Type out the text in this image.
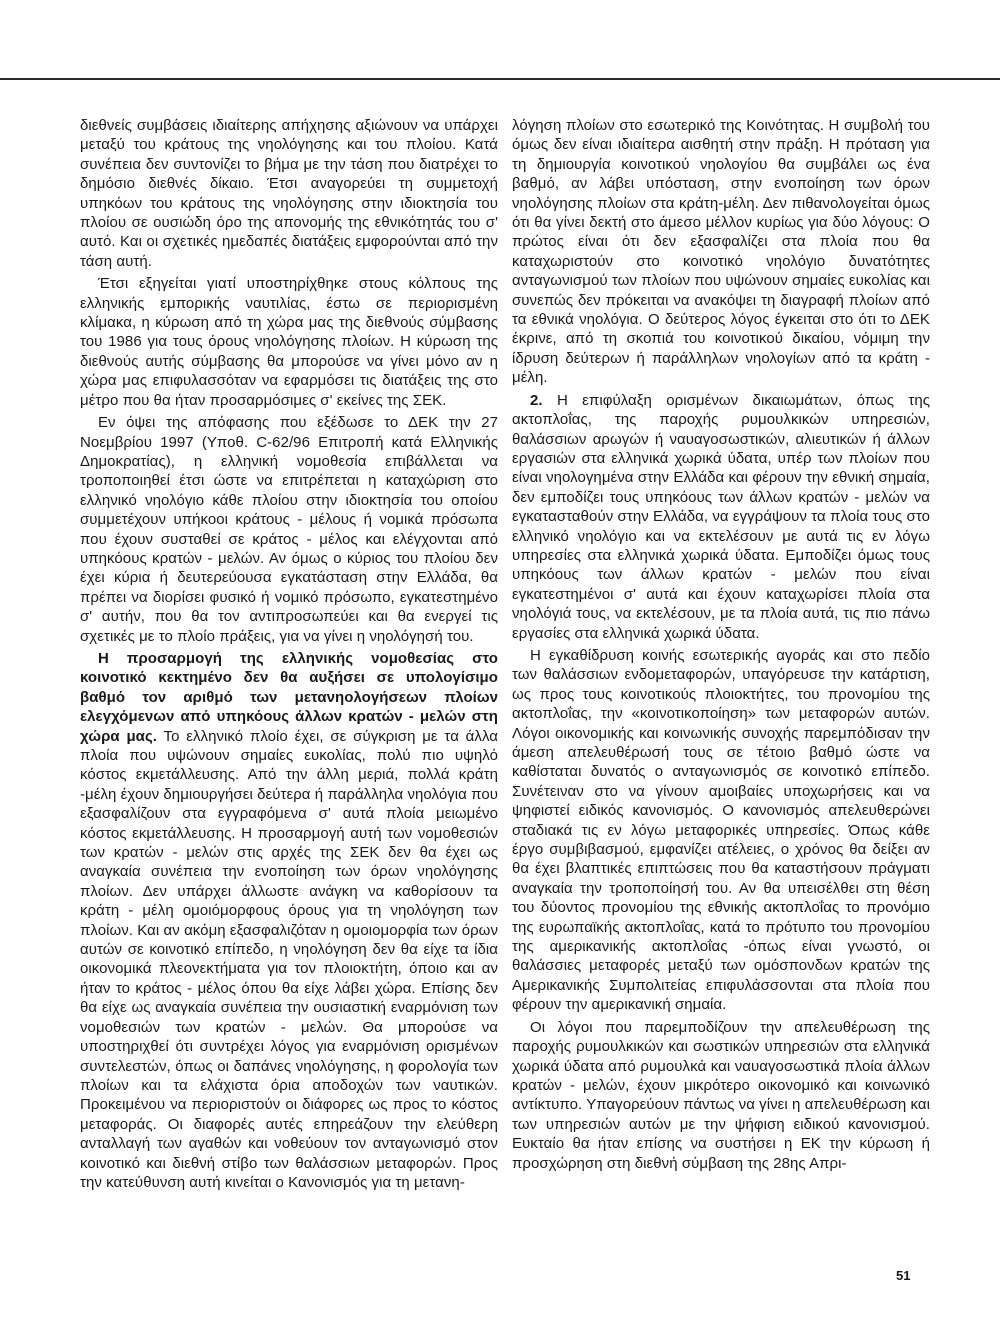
διεθνείς συμβάσεις ιδιαίτερης απήχησης αξιώνουν να υπάρχει μεταξύ του κράτους της νηολόγησης και του πλοίου. Κατά συνέπεια δεν συντονίζει το βήμα με την τάση που διατρέχει το δημόσιο διεθνές δίκαιο. Έτσι αναγορεύει τη συμμετοχή υπηκόων του κράτους της νηολόγησης στην ιδιοκτησία του πλοίου σε ουσιώδη όρο της απονομής της εθνικότητάς του σ' αυτό. Και οι σχετικές ημεδαπές διατάξεις εμφορούνται από την τάση αυτή.

Έτσι εξηγείται γιατί υποστηρίχθηκε στους κόλπους της ελληνικής εμπορικής ναυτιλίας, έστω σε περιορισμένη κλίμακα, η κύρωση από τη χώρα μας της διεθνούς σύμβασης του 1986 για τους όρους νηολόγησης πλοίων. Η κύρωση της διεθνούς αυτής σύμβασης θα μπορούσε να γίνει μόνο αν η χώρα μας επιφυλασσόταν να εφαρμόσει τις διατάξεις της στο μέτρο που θα ήταν προσαρμόσιμες σ' εκείνες της ΣΕΚ.

Εν όψει της απόφασης που εξέδωσε το ΔΕΚ την 27 Νοεμβρίου 1997 (Υποθ. C-62/96 Επιτροπή κατά Ελληνικής Δημοκρατίας), η ελληνική νομοθεσία επιβάλλεται να τροποποιηθεί έτσι ώστε να επιτρέπεται η καταχώριση στο ελληνικό νηολόγιο κάθε πλοίου στην ιδιοκτησία του οποίου συμμετέχουν υπήκοοι κράτους - μέλους ή νομικά πρόσωπα που έχουν συσταθεί σε κράτος - μέλος και ελέγχονται από υπηκόους κρατών - μελών. Αν όμως ο κύριος του πλοίου δεν έχει κύρια ή δευτερεύουσα εγκατάσταση στην Ελλάδα, θα πρέπει να διορίσει φυσικό ή νομικό πρόσωπο, εγκατεστημένο σ' αυτήν, που θα τον αντιπροσωπεύει και θα ενεργεί τις σχετικές με το πλοίο πράξεις, για να γίνει η νηολόγησή του.

Η προσαρμογή της ελληνικής νομοθεσίας στο κοινοτικό κεκτημένο δεν θα αυξήσει σε υπολογίσιμο βαθμό τον αριθμό των μετανηολογήσεων πλοίων ελεγχόμενων από υπηκόους άλλων κρατών - μελών στη χώρα μας. Το ελληνικό πλοίο έχει, σε σύγκριση με τα άλλα πλοία που υψώνουν σημαίες ευκολίας, πολύ πιο υψηλό κόστος εκμετάλλευσης. Από την άλλη μεριά, πολλά κράτη -μέλη έχουν δημιουργήσει δεύτερα ή παράλληλα νηολόγια που εξασφαλίζουν στα εγγραφόμενα σ' αυτά πλοία μειωμένο κόστος εκμετάλλευσης. Η προσαρμογή αυτή των νομοθεσιών των κρατών - μελών στις αρχές της ΣΕΚ δεν θα έχει ως αναγκαία συνέπεια την ενοποίηση των όρων νηολόγησης πλοίων. Δεν υπάρχει άλλωστε ανάγκη να καθορίσουν τα κράτη - μέλη ομοιόμορφους όρους για τη νηολόγηση των πλοίων. Και αν ακόμη εξασφαλιζόταν η ομοιομορφία των όρων αυτών σε κοινοτικό επίπεδο, η νηολόγηση δεν θα είχε τα ίδια οικονομικά πλεονεκτήματα για τον πλοιοκτήτη, όποιο και αν ήταν το κράτος - μέλος όπου θα είχε λάβει χώρα. Επίσης δεν θα είχε ως αναγκαία συνέπεια την ουσιαστική εναρμόνιση των νομοθεσιών των κρατών - μελών. Θα μπορούσε να υποστηριχθεί ότι συντρέχει λόγος για εναρμόνιση ορισμένων συντελεστών, όπως οι δαπάνες νηολόγησης, η φορολογία των πλοίων και τα ελάχιστα όρια αποδοχών των ναυτικών. Προκειμένου να περιοριστούν οι διάφορες ως προς το κόστος μεταφοράς. Οι διαφορές αυτές επηρεάζουν την ελεύθερη ανταλλαγή των αγαθών και νοθεύουν τον ανταγωνισμό στον κοινοτικό και διεθνή στίβο των θαλάσσιων μεταφορών. Προς την κατεύθυνση αυτή κινείται ο Κανονισμός για τη μετανη-

λόγηση πλοίων στο εσωτερικό της Κοινότητας. Η συμβολή του όμως δεν είναι ιδιαίτερα αισθητή στην πράξη. Η πρόταση για τη δημιουργία κοινοτικού νηολογίου θα συμβάλει ως ένα βαθμό, αν λάβει υπόσταση, στην ενοποίηση των όρων νηολόγησης πλοίων στα κράτη-μέλη. Δεν πιθανολογείται όμως ότι θα γίνει δεκτή στο άμεσο μέλλον κυρίως για δύο λόγους: Ο πρώτος είναι ότι δεν εξασφαλίζει στα πλοία που θα καταχωριστούν στο κοινοτικό νηολόγιο δυνατότητες ανταγωνισμού των πλοίων που υψώνουν σημαίες ευκολίας και συνεπώς δεν πρόκειται να ανακόψει τη διαγραφή πλοίων από τα εθνικά νηολόγια. Ο δεύτερος λόγος έγκειται στο ότι το ΔΕΚ έκρινε, από τη σκοπιά του κοινοτικού δικαίου, νόμιμη την ίδρυση δεύτερων ή παράλληλων νηολογίων από τα κράτη - μέλη.

2. Η επιφύλαξη ορισμένων δικαιωμάτων, όπως της ακτοπλοΐας, της παροχής ρυμουλκικών υπηρεσιών, θαλάσσιων αρωγών ή ναυαγοσωστικών, αλιευτικών ή άλλων εργασιών στα ελληνικά χωρικά ύδατα, υπέρ των πλοίων που είναι νηολογημένα στην Ελλάδα και φέρουν την εθνική σημαία, δεν εμποδίζει τους υπηκόους των άλλων κρατών - μελών να εγκατασταθούν στην Ελλάδα, να εγγράψουν τα πλοία τους στο ελληνικό νηολόγιο και να εκτελέσουν με αυτά τις εν λόγω υπηρεσίες στα ελληνικά χωρικά ύδατα. Εμποδίζει όμως τους υπηκόους των άλλων κρατών - μελών που είναι εγκατεστημένοι σ' αυτά και έχουν καταχωρίσει πλοία στα νηολόγιά τους, να εκτελέσουν, με τα πλοία αυτά, τις πιο πάνω εργασίες στα ελληνικά χωρικά ύδατα.

Η εγκαθίδρυση κοινής εσωτερικής αγοράς και στο πεδίο των θαλάσσιων ενδομεταφορών, υπαγόρευσε την κατάρτιση, ως προς τους κοινοτικούς πλοιοκτήτες, του προνομίου της ακτοπλοΐας, την «κοινοτικοποίηση» των μεταφορών αυτών. Λόγοι οικονομικής και κοινωνικής συνοχής παρεμπόδισαν την άμεση απελευθέρωσή τους σε τέτοιο βαθμό ώστε να καθίσταται δυνατός ο ανταγωνισμός σε κοινοτικό επίπεδο. Συνέτειναν στο να γίνουν αμοιβαίες υποχωρήσεις και να ψηφιστεί ειδικός κανονισμός. Ο κανονισμός απελευθερώνει σταδιακά τις εν λόγω μεταφορικές υπηρεσίες. Όπως κάθε έργο συμβιβασμού, εμφανίζει ατέλειες, ο χρόνος θα δείξει αν θα έχει βλαπτικές επιπτώσεις που θα καταστήσουν πράγματι αναγκαία την τροποποίησή του. Αν θα υπεισέλθει στη θέση του δύοντος προνομίου της εθνικής ακτοπλοΐας το προνόμιο της ευρωπαϊκής ακτοπλοΐας, κατά το πρότυπο του προνομίου της αμερικανικής ακτοπλοΐας -όπως είναι γνωστό, οι θαλάσσιες μεταφορές μεταξύ των ομόσπονδων κρατών της Αμερικανικής Συμπολιτείας επιφυλάσσονται στα πλοία που φέρουν την αμερικανική σημαία.

Οι λόγοι που παρεμποδίζουν την απελευθέρωση της παροχής ρυμουλκικών και σωστικών υπηρεσιών στα ελληνικά χωρικά ύδατα από ρυμουλκά και ναυαγοσωστικά πλοία άλλων κρατών - μελών, έχουν μικρότερο οικονομικό και κοινωνικό αντίκτυπο. Υπαγορεύουν πάντως να γίνει η απελευθέρωση και των υπηρεσιών αυτών με την ψήφιση ειδικού κανονισμού. Ευκταίο θα ήταν επίσης να συστήσει η ΕΚ την κύρωση ή προσχώρηση στη διεθνή σύμβαση της 28ης Απρι-

51
